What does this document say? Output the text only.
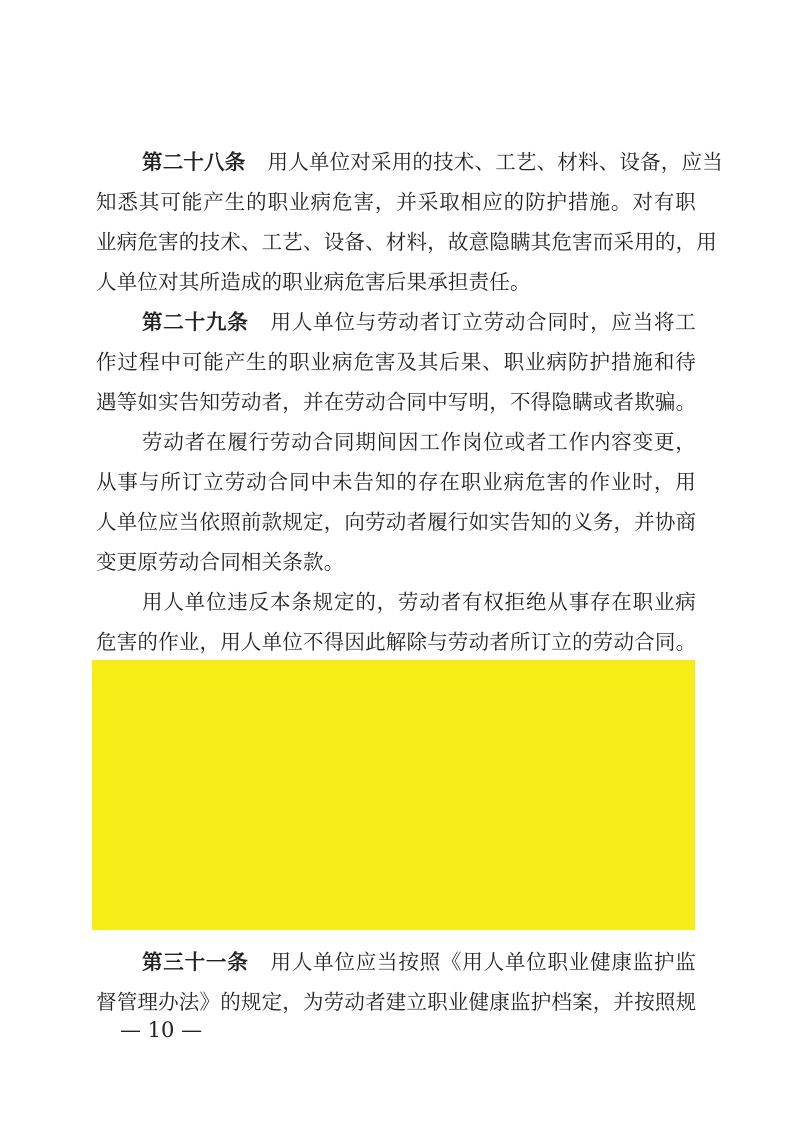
第二十八条 用人单位对采用的技术、工艺、材料、设备，应当
知悉其可能产生的职业病危害，并采取相应的防护措施。对有职
业病危害的技术、工艺、设备、材料，故意隐瞒其危害而采用的，用
人单位对其所造成的职业病危害后果承担责任。
第二十九条 用人单位与劳动者订立劳动合同时，应当将工
作过程中可能产生的职业病危害及其后果、职业病防护措施和待
遇等如实告知劳动者，并在劳动合同中写明，不得隐瞒或者欺骗。
劳动者在履行劳动合同期间因工作岗位或者工作内容变更，
从事与所订立劳动合同中未告知的存在职业病危害的作业时，用
人单位应当依照前款规定，向劳动者履行如实告知的义务，并协商
变更原劳动合同相关条款。
用人单位违反本条规定的，劳动者有权拒绝从事存在职业病
危害的作业，用人单位不得因此解除与劳动者所订立的劳动合同。
第三十一条 用人单位应当按照《用人单位职业健康监护监
督管理办法》的规定，为劳动者建立职业健康监护档案，并按照规
— 10 —
